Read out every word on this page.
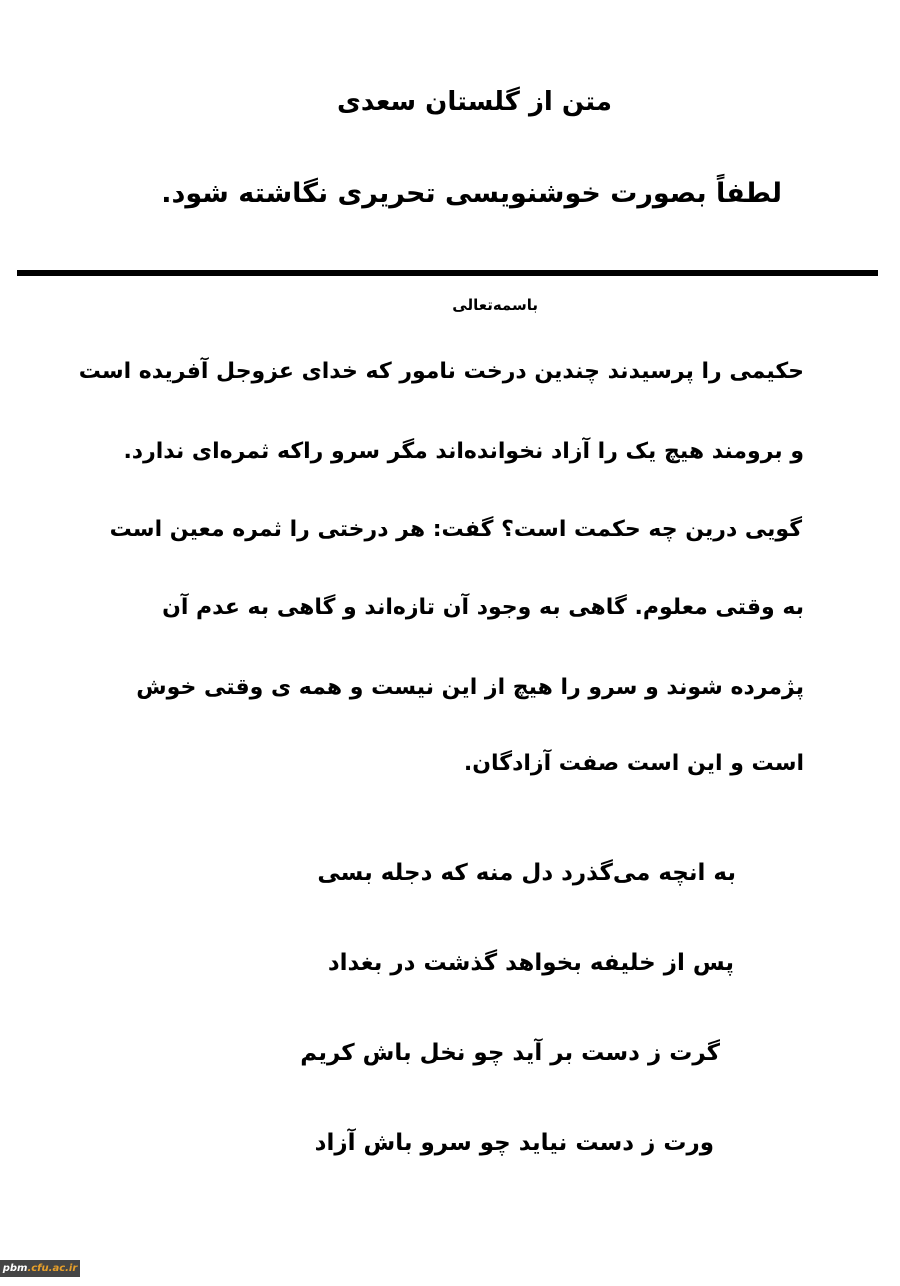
متن از گلستان سعدی
لطفاً بصورت خوشنویسی تحریری نگاشته شود.
باسمه‌تعالی
حکیمی را پرسیدند چندین درخت نامور که خدای عزوجل آفریده است
و برومند هیچ یک را آزاد نخوانده‌اند مگر سرو راکه ثمره‌ای ندارد.
گویی درین چه حکمت است؟ گفت: هر درختی را ثمره معین است
به وقتی معلوم. گاهی به وجود آن تازه‌اند و گاهی به عدم آن
پژمرده شوند و سرو را هیچ از این نیست و همه ی وقتی خوش
است و این است صفت آزادگان.
به انچه می‌گذرد دل منه که دجله بسی
پس از خلیفه بخواهد گذشت در بغداد
گرت ز دست بر آید چو نخل باش کریم
ورت ز دست نیاید چو سرو باش آزاد
pbm.cfu.ac.ir
